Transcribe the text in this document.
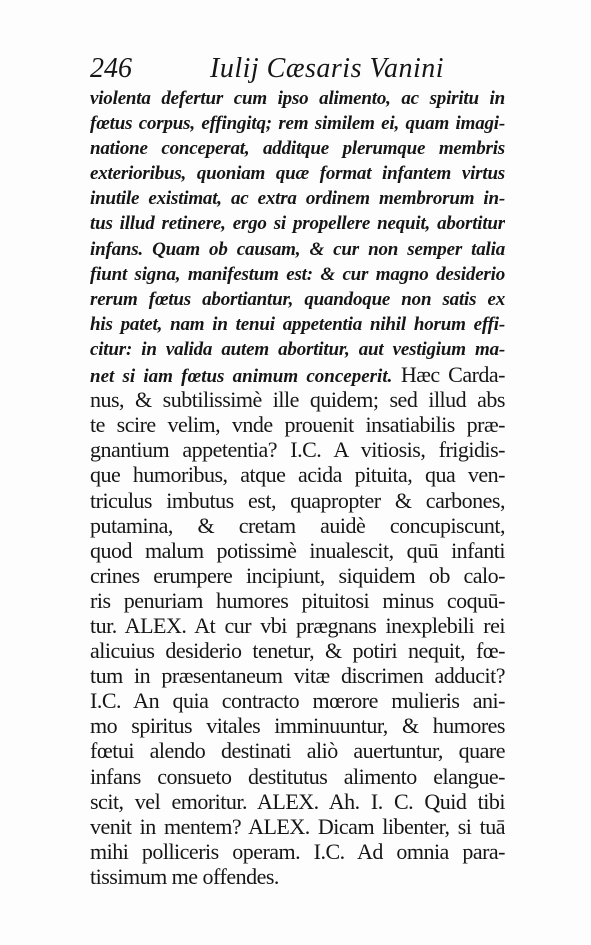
246	Iulij Cæsaris Vanini
violenta defertur cum ipso alimento, ac spiritu in
fœtus corpus, effingitq; rem similem ei, quam imagi-
natione conceperat, additque plerumque membris
exterioribus, quoniam quæ format infantem virtus
inutile existimat, ac extra ordinem membrorum in-
tus illud retinere, ergo si propellere nequit, abortitur
infans. Quam ob causam, & cur non semper talia
fiunt signa, manifestum est: & cur magno desiderio
rerum fœtus abortiantur, quandoque non satis ex
his patet, nam in tenui appetentia nihil horum effi-
citur: in valida autem abortitur, aut vestigium ma-
net si iam fœtus animum conceperit. Hæc Carda-
nus, & subtilissimè ille quidem; sed illud abs
te scire velim, vnde prouenit insatiabilis præ-
gnantium appetentia? I.C. A vitiosis, frigidis-
que humoribus, atque acida pituita, qua ven-
triculus imbutus est, quapropter & carbones,
putamina, & cretam auidè concupiscunt,
quod malum potissimè inualescit, quū infanti
crines erumpere incipiunt, siquidem ob calo-
ris penuriam humores pituitosi minus coquū-
tur. ALEX. At cur vbi prægnans inexplebili rei
alicuius desiderio tenetur, & potiri nequit, fœ-
tum in præsentaneum vitæ discrimen adducit?
I.C. An quia contracto mœrore mulieris ani-
mo spiritus vitales imminuuntur, & humores
fœtui alendo destinati aliò auertuntur, quare
infans consueto destitutus alimento elangue-
scit, vel emoritur. ALEX. Ah. I. C. Quid tibi
venit in mentem? ALEX. Dicam libenter, si tuā
mihi polliceris operam. I.C. Ad omnia para-
tissimum me offendes.
